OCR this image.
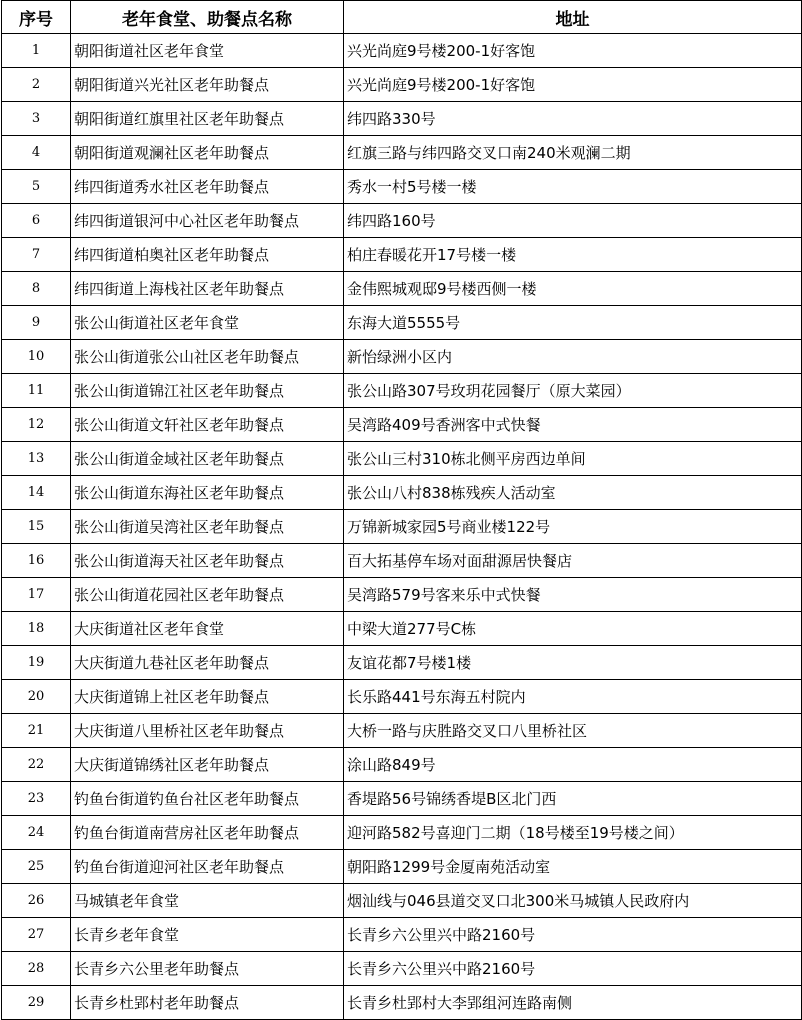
序号	老年食堂、助餐点名称	地址
1	朝阳街道社区老年食堂	兴光尚庭9号楼200-1好客饱
2	朝阳街道兴光社区老年助餐点	兴光尚庭9号楼200-1好客饱
3	朝阳街道红旗里社区老年助餐点	纬四路330号
4	朝阳街道观澜社区老年助餐点	红旗三路与纬四路交叉口南240米观澜二期
5	纬四街道秀水社区老年助餐点	秀水一村5号楼一楼
6	纬四街道银河中心社区老年助餐点	纬四路160号
7	纬四街道柏奥社区老年助餐点	柏庄春暖花开17号楼一楼
8	纬四街道上海栈社区老年助餐点	金伟熙城观邸9号楼西侧一楼
9	张公山街道社区老年食堂	东海大道5555号
10	张公山街道张公山社区老年助餐点	新怡绿洲小区内
11	张公山街道锦江社区老年助餐点	张公山路307号玫玥花园餐厅（原大菜园）
12	张公山街道文轩社区老年助餐点	吴湾路409号香洲客中式快餐
13	张公山街道金域社区老年助餐点	张公山三村310栋北侧平房西边单间
14	张公山街道东海社区老年助餐点	张公山八村838栋残疾人活动室
15	张公山街道吴湾社区老年助餐点	万锦新城家园5号商业楼122号
16	张公山街道海天社区老年助餐点	百大拓基停车场对面甜源居快餐店
17	张公山街道花园社区老年助餐点	吴湾路579号客来乐中式快餐
18	大庆街道社区老年食堂	中梁大道277号C栋
19	大庆街道九巷社区老年助餐点	友谊花都7号楼1楼
20	大庆街道锦上社区老年助餐点	长乐路441号东海五村院内
21	大庆街道八里桥社区老年助餐点	大桥一路与庆胜路交叉口八里桥社区
22	大庆街道锦绣社区老年助餐点	涂山路849号
23	钓鱼台街道钓鱼台社区老年助餐点	香堤路56号锦绣香堤B区北门西
24	钓鱼台街道南营房社区老年助餐点	迎河路582号喜迎门二期（18号楼至19号楼之间）
25	钓鱼台街道迎河社区老年助餐点	朝阳路1299号金厦南苑活动室
26	马城镇老年食堂	烟汕线与046县道交叉口北300米马城镇人民政府内
27	长青乡老年食堂	长青乡六公里兴中路2160号
28	长青乡六公里老年助餐点	长青乡六公里兴中路2160号
29	长青乡杜郢村老年助餐点	长青乡杜郢村大李郢组河连路南侧
